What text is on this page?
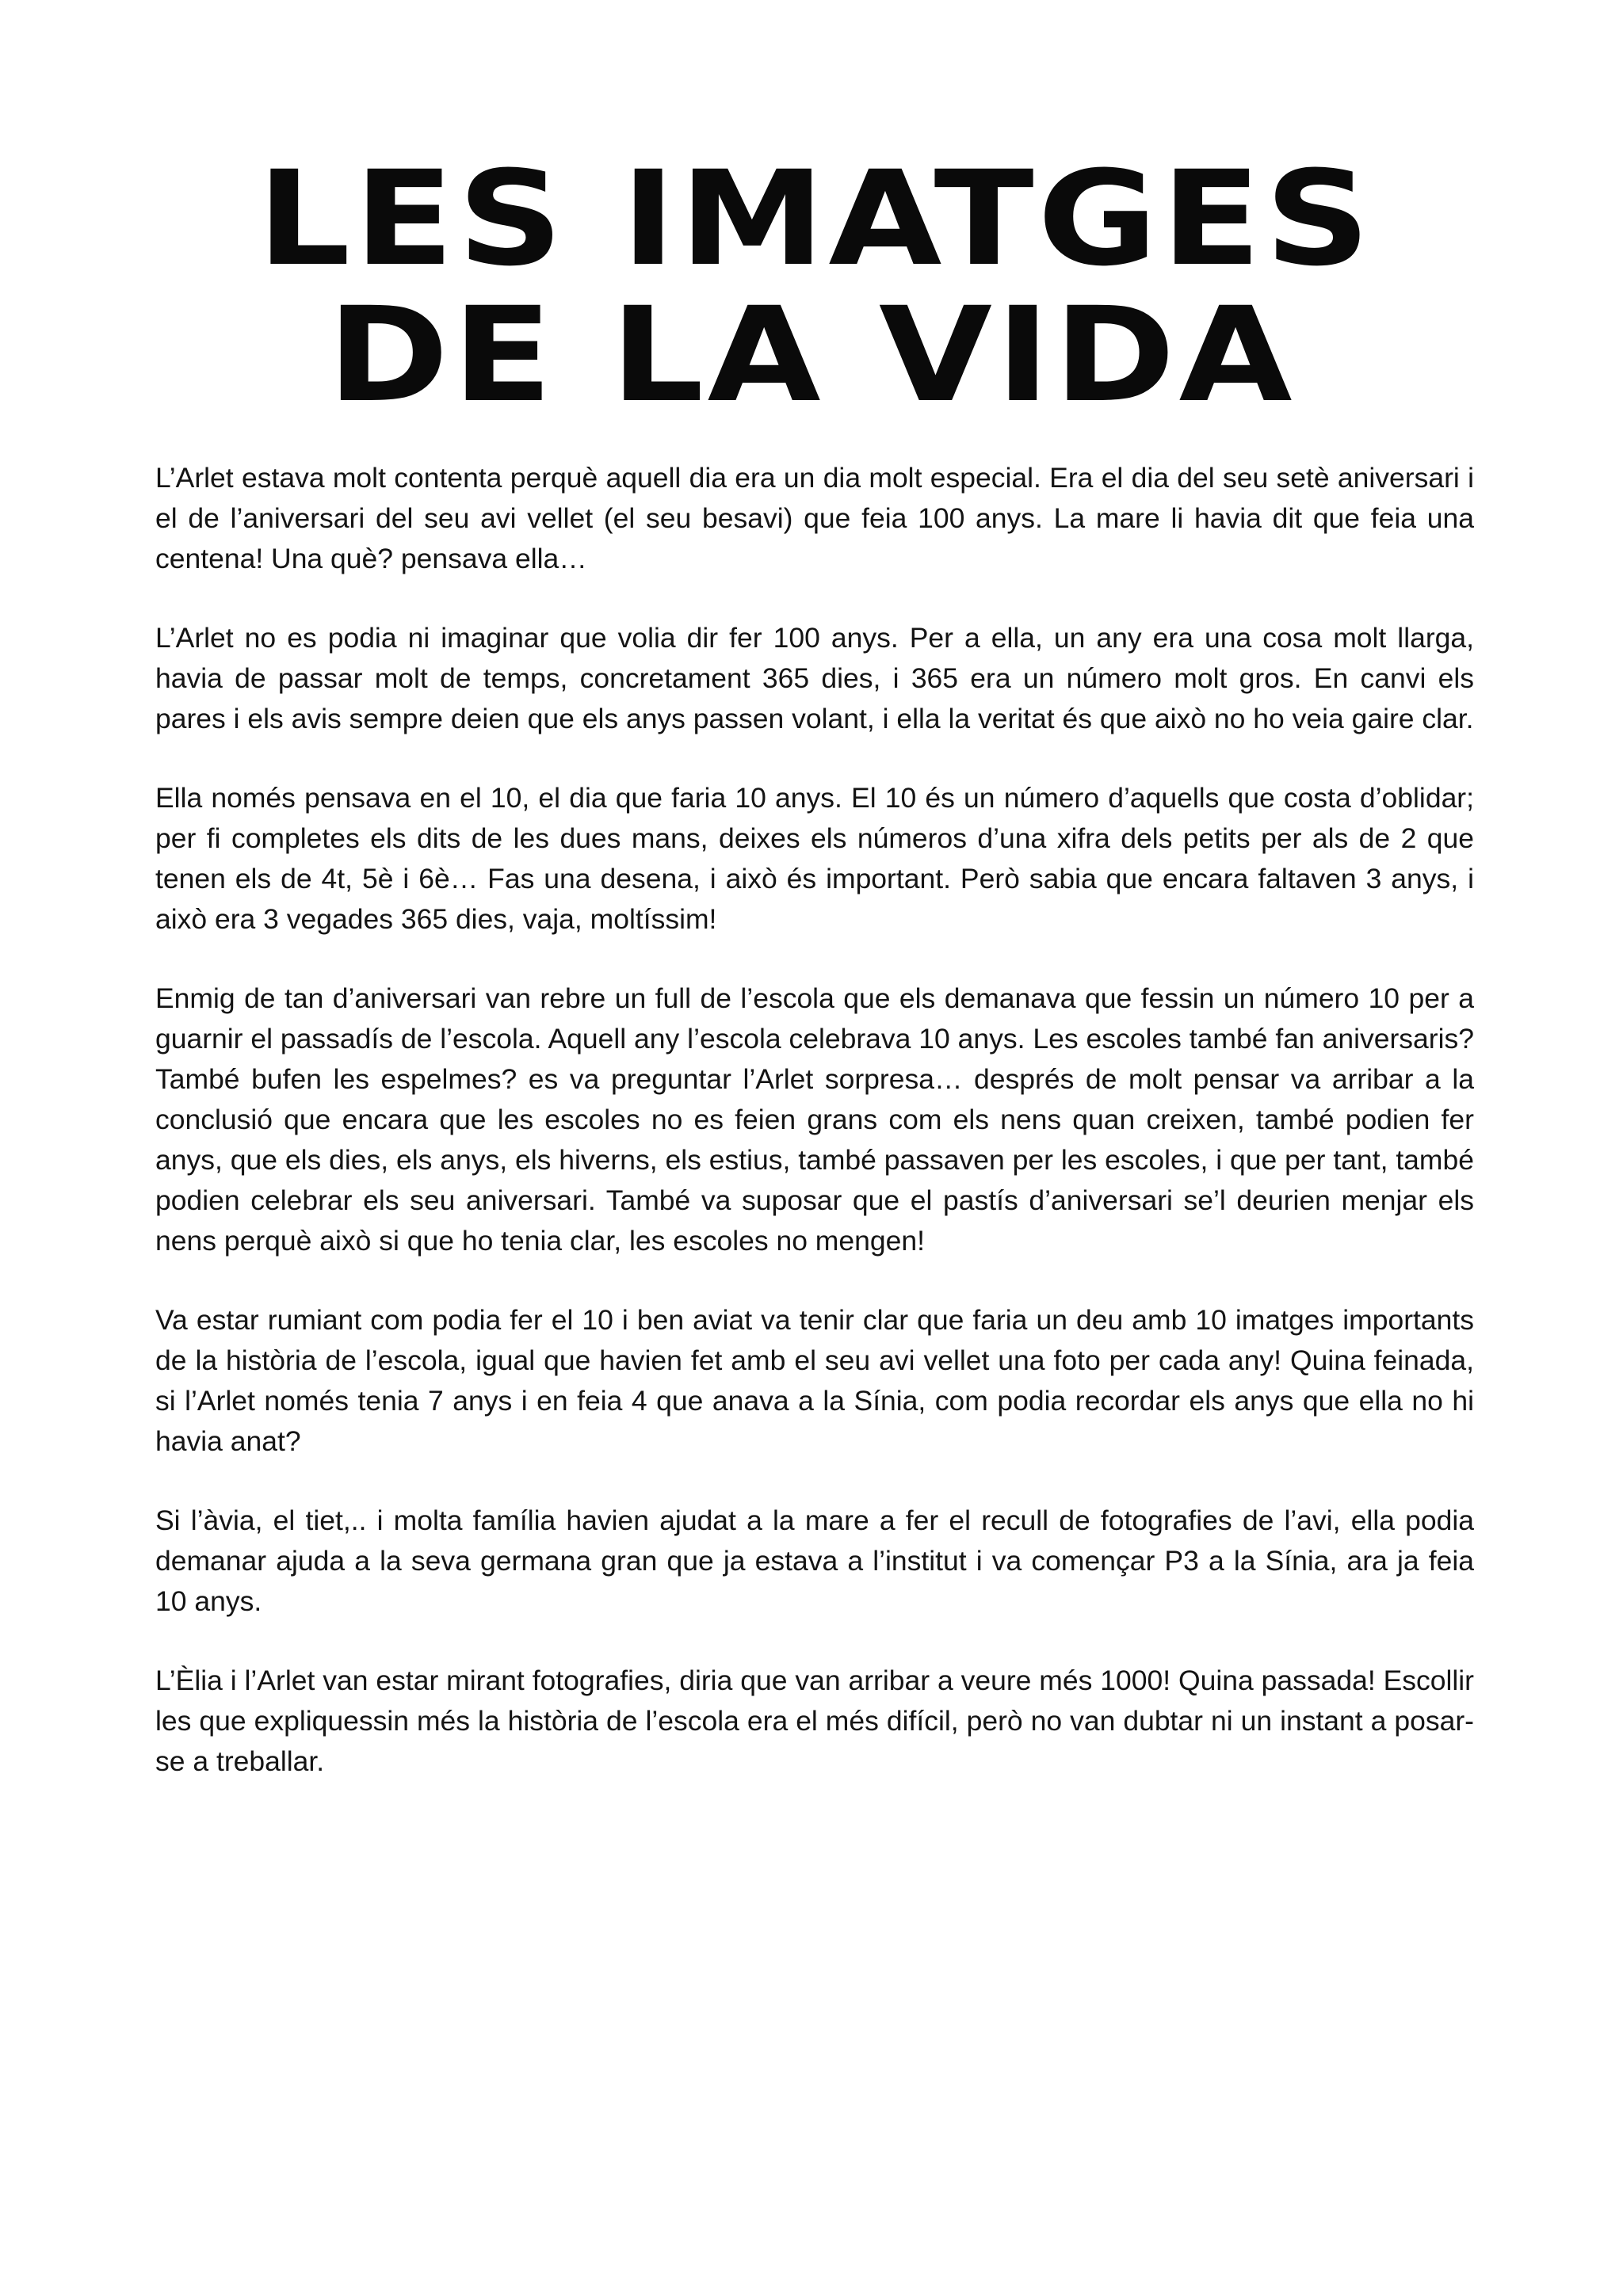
LES IMATGES
DE LA VIDA

L’Arlet estava molt contenta perquè aquell dia era un dia molt especial. Era el dia del seu setè aniversari i el de l’aniversari del seu avi vellet (el seu besavi) que feia 100 anys. La mare li havia dit que feia una centena! Una què? pensava ella…

L’Arlet no es podia ni imaginar que volia dir fer 100 anys. Per a ella, un any era una cosa molt llarga, havia de passar molt de temps, concretament 365 dies, i 365 era un número molt gros. En canvi els pares i els avis sempre deien que els anys passen volant, i ella la veritat és que això no ho veia gaire clar.

Ella només pensava en el 10, el dia que faria 10 anys. El 10 és un número d’aquells que costa d’oblidar; per fi completes els dits de les dues mans, deixes els números d’una xifra dels petits per als de 2 que tenen els de 4t, 5è i 6è… Fas una desena, i això és important. Però sabia que encara faltaven 3 anys, i això era 3 vegades 365 dies, vaja, moltíssim!

Enmig de tan d’aniversari van rebre un full de l’escola que els demanava que fessin un número 10 per a guarnir el passadís de l’escola. Aquell any l’escola celebrava 10 anys. Les escoles també fan aniversaris? També bufen les espelmes? es va preguntar l’Arlet sorpresa… després de molt pensar va arribar a la conclusió que encara que les escoles no es feien grans com els nens quan creixen, també podien fer anys, que els dies, els anys, els hiverns, els estius, també passaven per les escoles, i que per tant, també podien celebrar els seu aniversari. També va suposar que el pastís d’aniversari se’l deurien menjar els nens perquè això si que ho tenia clar, les escoles no mengen!

Va estar rumiant com podia fer el 10 i ben aviat va tenir clar que faria un deu amb 10 imatges importants de la història de l’escola, igual que havien fet amb el seu avi vellet una foto per cada any! Quina feinada, si l’Arlet només tenia 7 anys i en feia 4 que anava a la Sínia, com podia recordar els anys que ella no hi havia anat?

Si l’àvia, el tiet,.. i molta família havien ajudat a la mare a fer el recull de fotografies de l’avi, ella podia demanar ajuda a la seva germana gran que ja estava a l’institut i va començar P3 a la Sínia, ara ja feia 10 anys.

L’Èlia i l’Arlet van estar mirant fotografies, diria que van arribar a veure més 1000! Quina passada! Escollir les que expliquessin més la història de l’escola era el més difícil, però no van dubtar ni un instant a posar-se a treballar.
